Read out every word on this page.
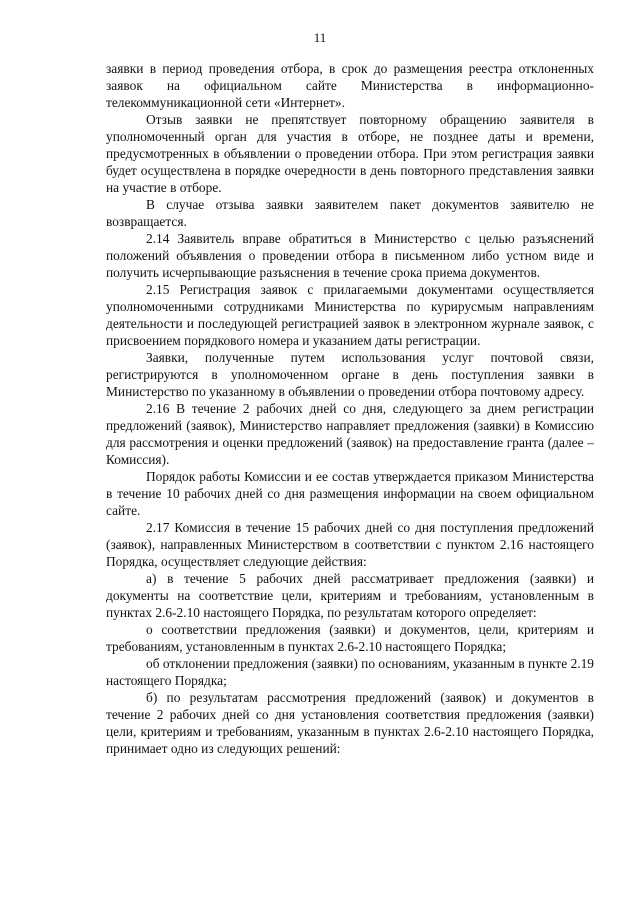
11

заявки в период проведения отбора, в срок до размещения реестра отклоненных заявок на официальном сайте Министерства в информационно-телекоммуникационной сети «Интернет».

Отзыв заявки не препятствует повторному обращению заявителя в уполномоченный орган для участия в отборе, не позднее даты и времени, предусмотренных в объявлении о проведении отбора. При этом регистрация заявки будет осуществлена в порядке очередности в день повторного представления заявки на участие в отборе.

В случае отзыва заявки заявителем пакет документов заявителю не возвращается.

2.14 Заявитель вправе обратиться в Министерство с целью разъяснений положений объявления о проведении отбора в письменном либо устном виде и получить исчерпывающие разъяснения в течение срока приема документов.

2.15 Регистрация заявок с прилагаемыми документами осуществляется уполномоченными сотрудниками Министерства по курирусмым направлениям деятельности и последующей регистрацией заявок в электронном журнале заявок, с присвоением порядкового номера и указанием даты регистрации.

Заявки, полученные путем использования услуг почтовой связи, регистрируются в уполномоченном органе в день поступления заявки в Министерство по указанному в объявлении о проведении отбора почтовому адресу.

2.16 В течение 2 рабочих дней со дня, следующего за днем регистрации предложений (заявок), Министерство направляет предложения (заявки) в Комиссию для рассмотрения и оценки предложений (заявок) на предоставление гранта (далее – Комиссия).

Порядок работы Комиссии и ее состав утверждается приказом Министерства в течение 10 рабочих дней со дня размещения информации на своем официальном сайте.

2.17 Комиссия в течение 15 рабочих дней со дня поступления предложений (заявок), направленных Министерством в соответствии с пунктом 2.16 настоящего Порядка, осуществляет следующие действия:

а) в течение 5 рабочих дней рассматривает предложения (заявки) и документы на соответствие цели, критериям и требованиям, установленным в пунктах 2.6-2.10 настоящего Порядка, по результатам которого определяет:

о соответствии предложения (заявки) и документов, цели, критериям и требованиям, установленным в пунктах 2.6-2.10 настоящего Порядка;

об отклонении предложения (заявки) по основаниям, указанным в пункте 2.19 настоящего Порядка;

б) по результатам рассмотрения предложений (заявок) и документов в течение 2 рабочих дней со дня установления соответствия предложения (заявки) цели, критериям и требованиям, указанным в пунктах 2.6-2.10 настоящего Порядка, принимает одно из следующих решений:
